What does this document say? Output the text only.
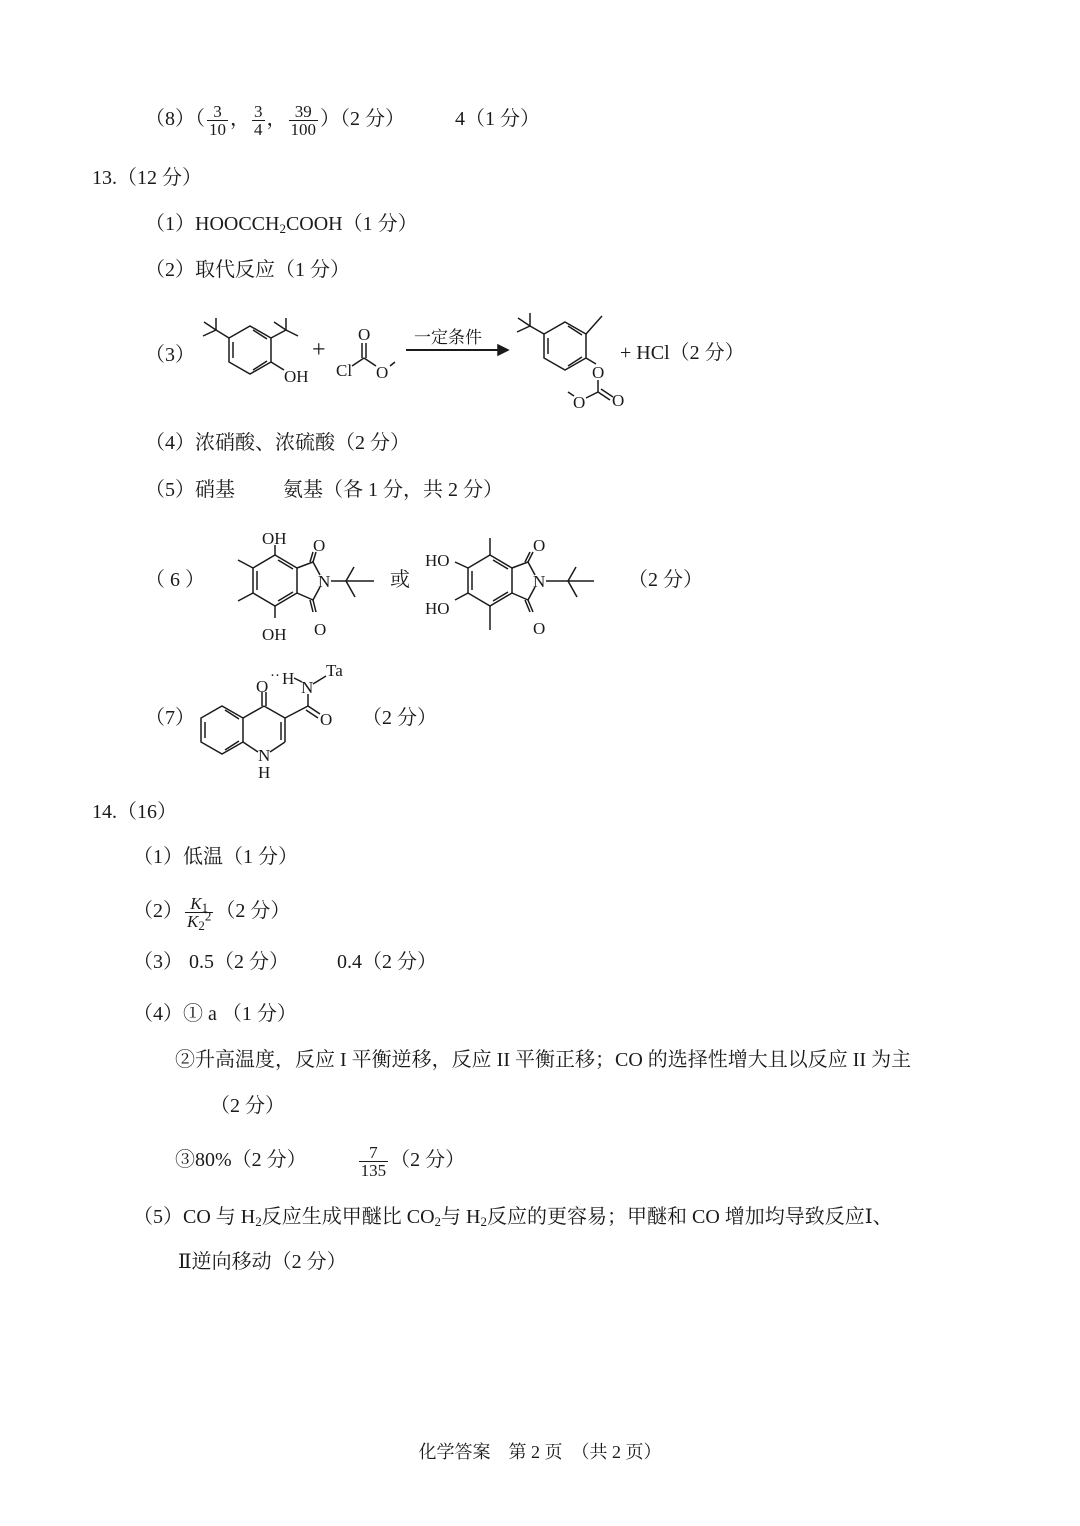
$(8)( \frac{3}{10}$ ， $\frac{3}{4}$ ， $\frac{39}{100} )(2$ 分）	4（1 分）
13.（12 分）
$(1)HOOCCH_2COOH(1$ 分）
（2）取代反应（1 分）
（3）	+	+ HCl（2 分）
一定条件
（4）浓硝酸、浓硫酸（2 分）
（5）硝基 氨基（各 1 分，共 2 分）
（ 6 ）	或	（2 分）
（7）	（2 分）
OH
O
Cl O	O
O
O
OH
OH
O
O
N
HO
HO
O
O
N
O
·· H N
Ta
O
N
H
14.（16）
（1）低温（1 分）
$(2) \frac{K_1}{K_2^2} (2$ 分）
（3） 0.5（2 分） 0.4（2 分）
（4）① a （1 分）
②升高温度，反应 I 平衡逆移，反应 II 平衡正移；CO 的选择性增大且以反应 II 为主
（2 分）
③80%（2 分）	$\frac{7}{135} (2$ 分）
（5）CO 与 $H_2$反应生成甲醚比 $CO_2$与 $H_2$反应的更容易；甲醚和 CO 增加均导致反应Ⅰ、
Ⅱ逆向移动（2 分）
化学答案　第 2 页　（共 2 页）
